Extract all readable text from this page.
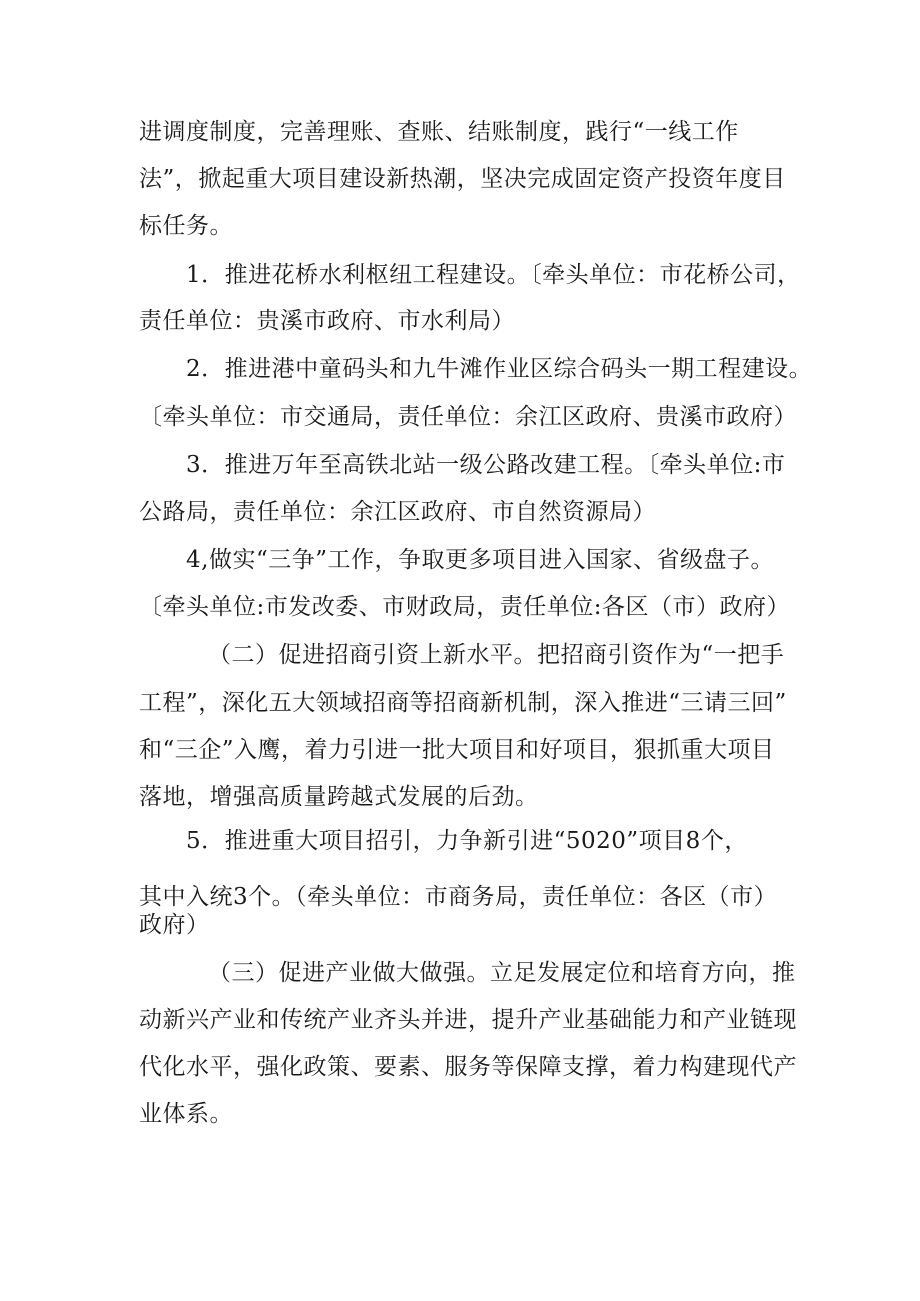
进调度制度，完善理账、查账、结账制度，践行“一线工作
法”，掀起重大项目建设新热潮，坚决完成固定资产投资年度目
标任务。
1．推进花桥水利枢纽工程建设。〔牵头单位：市花桥公司，
责任单位：贵溪市政府、市水利局）
2．推进港中童码头和九牛滩作业区综合码头一期工程建设。
〔牵头单位：市交通局，责任单位：余江区政府、贵溪市政府）
3．推进万年至高铁北站一级公路改建工程。〔牵头单位:市
公路局，责任单位：余江区政府、市自然资源局）
4,做实“三争”工作，争取更多项目进入国家、省级盘子。
〔牵头单位:市发改委、市财政局，责任单位:各区（市）政府）
（二）促进招商引资上新水平。把招商引资作为“一把手
工程”，深化五大领域招商等招商新机制，深入推进“三请三回”
和“三企”入鹰，着力引进一批大项目和好项目，狠抓重大项目
落地，增强高质量跨越式发展的后劲。
5．推进重大项目招引，力争新引进“5020”项目8个，
其中入统3个。（牵头单位：市商务局，责任单位：各区（市）
政府）
（三）促进产业做大做强。立足发展定位和培育方向，推
动新兴产业和传统产业齐头并进，提升产业基础能力和产业链现
代化水平，强化政策、要素、服务等保障支撑，着力构建现代产
业体系。
